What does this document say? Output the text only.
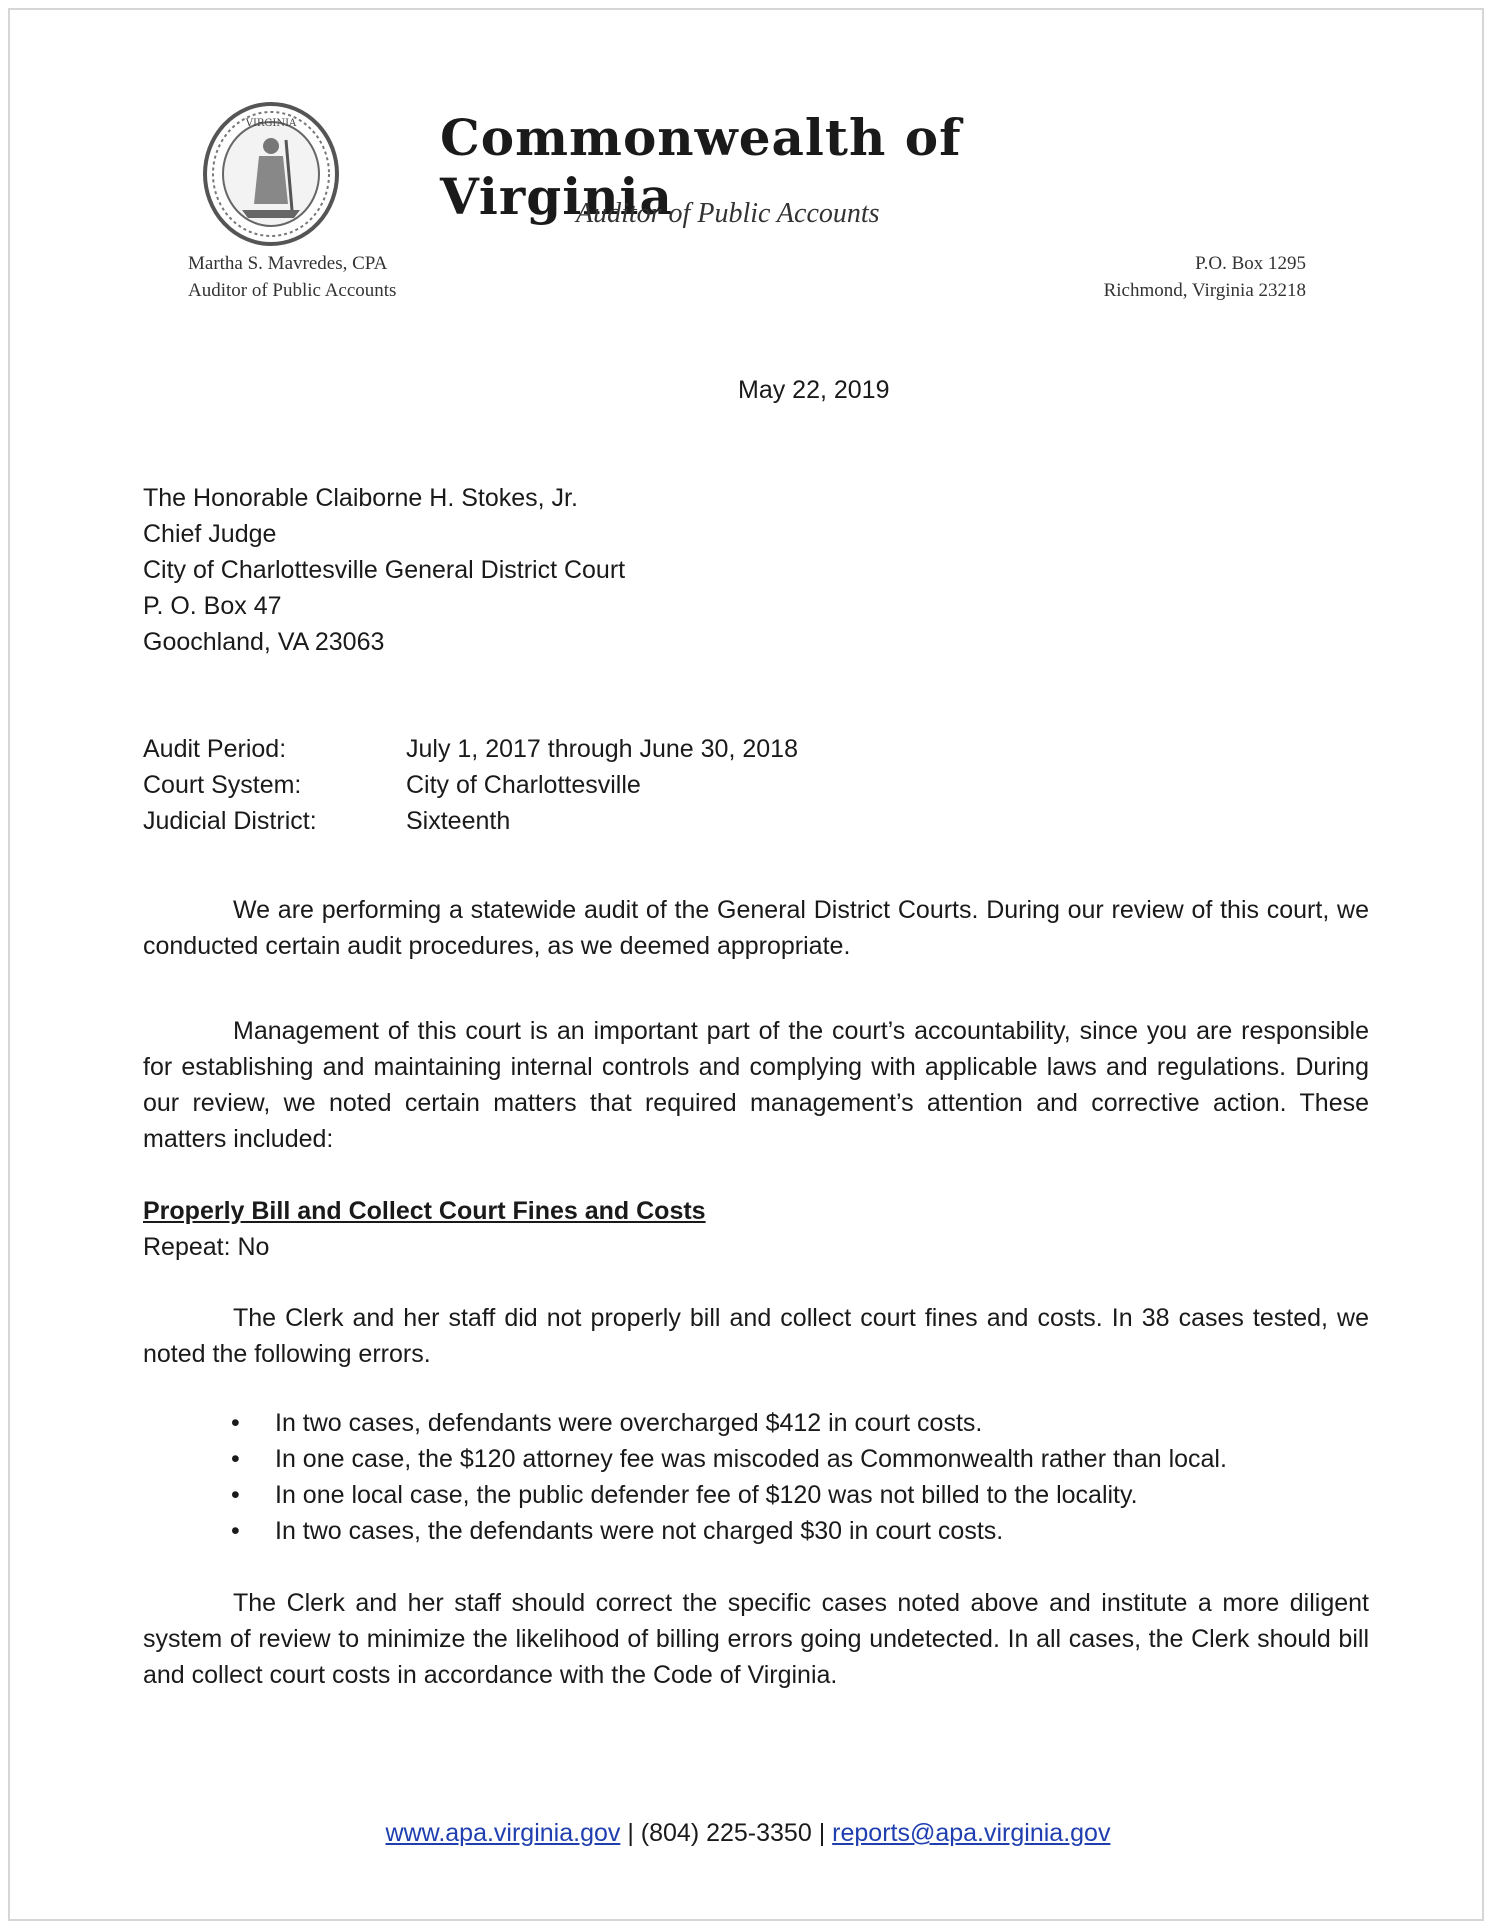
VIRGINIA	Commonwealth of Virginia
Auditor of Public Accounts
Martha S. Mavredes, CPA
Auditor of Public Accounts
P.O. Box 1295
Richmond, Virginia 23218
May 22, 2019
The Honorable Claiborne H. Stokes, Jr.
Chief Judge
City of Charlottesville General District Court
P. O. Box 47
Goochland, VA 23063
Audit Period:	July 1, 2017 through June 30, 2018
Court System:	City of Charlottesville
Judicial District:	Sixteenth

We are performing a statewide audit of the General District Courts. During our review of this court, we conducted certain audit procedures, as we deemed appropriate.

Management of this court is an important part of the court’s accountability, since you are responsible for establishing and maintaining internal controls and complying with applicable laws and regulations. During our review, we noted certain matters that required management’s attention and corrective action. These matters included:

Properly Bill and Collect Court Fines and Costs
Repeat: No

The Clerk and her staff did not properly bill and collect court fines and costs. In 38 cases tested, we noted the following errors.

•	In two cases, defendants were overcharged $412 in court costs.
•	In one case, the $120 attorney fee was miscoded as Commonwealth rather than local.
•	In one local case, the public defender fee of $120 was not billed to the locality.
•	In two cases, the defendants were not charged $30 in court costs.

The Clerk and her staff should correct the specific cases noted above and institute a more diligent system of review to minimize the likelihood of billing errors going undetected. In all cases, the Clerk should bill and collect court costs in accordance with the Code of Virginia.

www.apa.virginia.gov | (804) 225-3350 | reports@apa.virginia.gov
